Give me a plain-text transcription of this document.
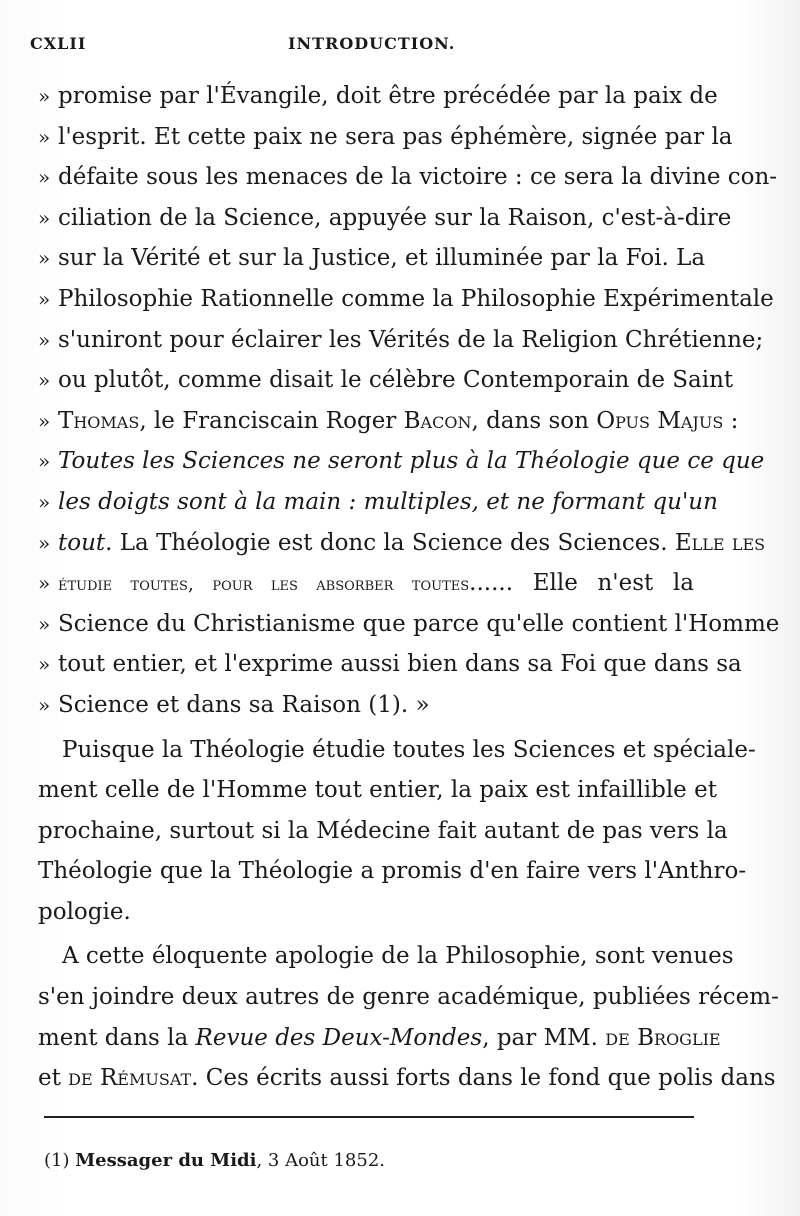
CXLII	INTRODUCTION.
» promise par l'Évangile, doit être précédée par la paix de
» l'esprit. Et cette paix ne sera pas éphémère, signée par la
» défaite sous les menaces de la victoire : ce sera la divine con-
» ciliation de la Science, appuyée sur la Raison, c'est-à-dire
» sur la Vérité et sur la Justice, et illuminée par la Foi. La
» Philosophie Rationnelle comme la Philosophie Expérimentale
» s'uniront pour éclairer les Vérités de la Religion Chrétienne;
» ou plutôt, comme disait le célèbre Contemporain de Saint
» Thomas, le Franciscain Roger Bacon, dans son Opus Majus :
» Toutes les Sciences ne seront plus à la Théologie que ce que
» les doigts sont à la main : multiples, et ne formant qu'un
» tout. La Théologie est donc la Science des Sciences. Elle les
» étudie toutes, pour les absorber toutes...... Elle n'est la
» Science du Christianisme que parce qu'elle contient l'Homme
» tout entier, et l'exprime aussi bien dans sa Foi que dans sa
» Science et dans sa Raison (1). »
Puisque la Théologie étudie toutes les Sciences et spéciale-
ment celle de l'Homme tout entier, la paix est infaillible et
prochaine, surtout si la Médecine fait autant de pas vers la
Théologie que la Théologie a promis d'en faire vers l'Anthro-
pologie.
A cette éloquente apologie de la Philosophie, sont venues
s'en joindre deux autres de genre académique, publiées récem-
ment dans la Revue des Deux-Mondes, par MM. de Broglie
et de Rémusat. Ces écrits aussi forts dans le fond que polis dans
(1) Messager du Midi, 3 Août 1852.
